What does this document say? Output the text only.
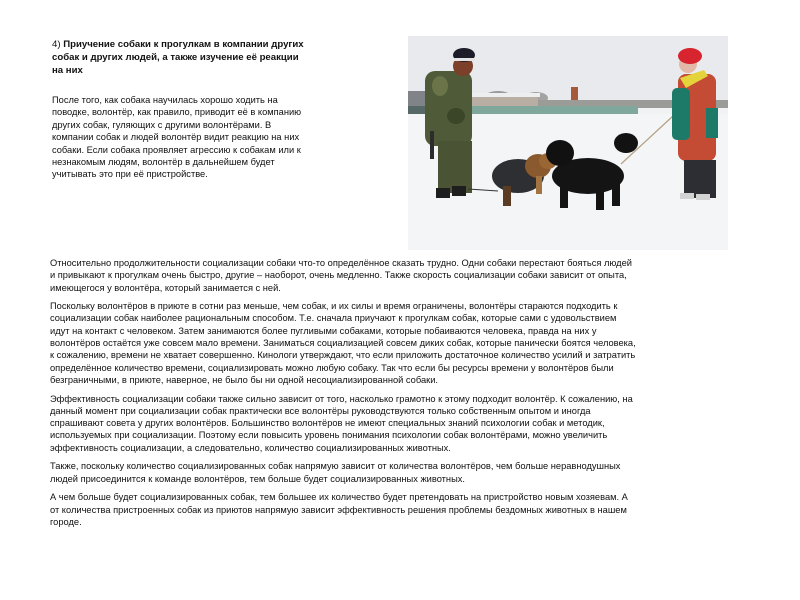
4) Приучение собаки к прогулкам в компании других
собак и других людей, а также изучение её реакции
на них

После того, как собака научилась хорошо ходить на
поводке, волонтёр, как правило, приводит её в компанию
других собак, гуляющих с другими волонтёрами. В
компании собак и людей волонтёр видит реакцию на них
собаки. Если собака проявляет агрессию к собакам или к
незнакомым людям, волонтёр в дальнейшем будет
учитывать это при её пристройстве.

Относительно продолжительности социализации собаки что-то определённое сказать трудно. Одни собаки перестают бояться людей
и привыкают к прогулкам очень быстро, другие – наоборот, очень медленно. Также скорость социализации собаки зависит от опыта,
имеющегося у волонтёра, который занимается с ней.

Поскольку волонтёров в приюте в сотни раз меньше, чем собак, и их силы и время ограничены, волонтёры стараются подходить к
социализации собак наиболее рациональным способом. Т.е. сначала приучают к прогулкам собак, которые сами с удовольствием
идут на контакт с человеком. Затем занимаются более пугливыми собаками, которые побаиваются человека, правда на них у
волонтёров остаётся уже совсем мало времени. Заниматься социализацией совсем диких собак, которые панически боятся человека,
к сожалению, времени не хватает совершенно. Кинологи утверждают, что если приложить достаточное количество усилий и затратить
определённое количество времени, социализировать можно любую собаку. Так что если бы ресурсы времени у волонтёров были
безграничными, в приюте, наверное, не было бы ни одной несоциализированной собаки.

Эффективность социализации собаки также сильно зависит от того, насколько грамотно к этому подходит волонтёр. К сожалению, на
данный момент при социализации собак практически все волонтёры руководствуются только собственным опытом и иногда
спрашивают совета у других волонтёров. Большинство волонтёров не имеют специальных знаний психологии собак и методик,
используемых при социализации. Поэтому если повысить уровень понимания психологии собак волонтёрами, можно увеличить
эффективность социализации, а следовательно, количество социализированных животных.

Также, поскольку количество социализированных собак напрямую зависит от количества волонтёров, чем больше неравнодушных
людей присоединится к команде волонтёров, тем больше будет социализированных животных.

А чем больше будет социализированных собак, тем большее их количество будет претендовать на пристройство новым хозяевам. А
от количества пристроенных собак из приютов напрямую зависит эффективность решения проблемы бездомных животных в нашем
городе.
